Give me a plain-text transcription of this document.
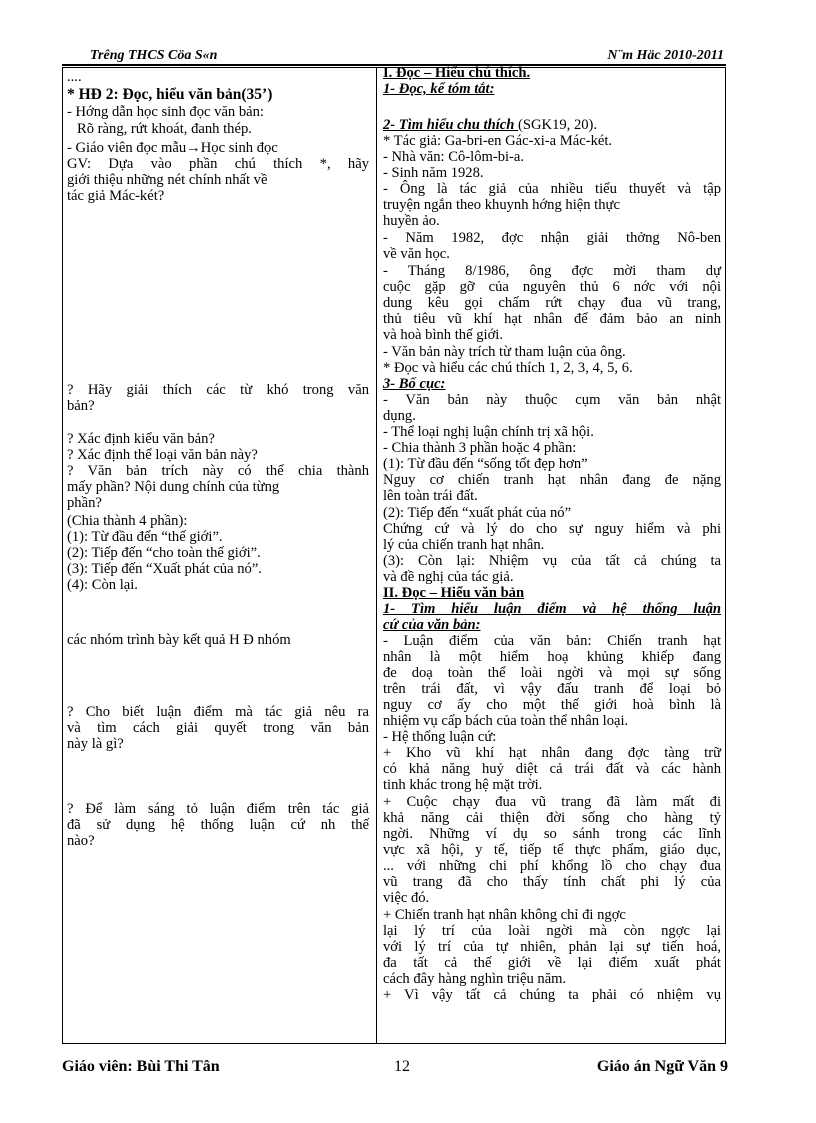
Trêng THCS Cöa S«n	N¨m Häc 2010-2011
....
* HĐ 2: Đọc, hiểu văn bản(35’)
- Hớng dẫn học sinh đọc văn bản:
Rõ ràng, rứt khoát, đanh thép.
- Giáo viên đọc mẫu→Học sinh đọc
GV: Dựa vào phần chú thích *, hãy
giới thiệu những nét chính nhất về
tác giả Mác-két?
? Hãy giải thích các từ khó trong văn
bản?
? Xác định kiểu văn bản?
? Xác định thể loại văn bản này?
? Văn bản trích này có thể chia thành
mấy phần? Nội dung chính của từng
phần?
(Chia thành 4 phần):
(1): Từ đầu đến “thế giới”.
(2): Tiếp đến “cho toàn thế giới”.
(3): Tiếp đến “Xuất phát của nó”.
(4): Còn lại.
các nhóm trình bày kết quả H Đ nhóm
? Cho biết luận điểm mà tác giả nêu ra
và tìm cách giải quyết trong văn bản
này là gì?
? Để làm sáng tỏ luận điểm trên tác giả
đã sử dụng hệ thống luận cứ nh thế
nào?
I. Đọc – Hiểu chú thích.
1- Đọc, kể tóm tắt:
2- Tìm hiểu chu thích (SGK19, 20).
* Tác giả: Ga-bri-en Gác-xi-a Mác-két.
- Nhà văn: Cô-lôm-bi-a.
- Sinh năm 1928.
- Ông là tác giả của nhiều tiểu thuyết và tập
truyện ngắn theo khuynh hớng hiện thực
huyền ảo.
- Năm 1982, đợc nhận giải thởng Nô-ben
về văn học.
- Tháng 8/1986, ông đợc mời tham dự
cuộc gặp gỡ của nguyên thủ 6 nớc với nội
dung kêu gọi chấm rứt chạy đua vũ trang,
thủ tiêu vũ khí hạt nhân để đảm bảo an ninh
và hoà bình thế giới.
- Văn bản này trích từ tham luận của ông.
* Đọc và hiểu các chú thích 1, 2, 3, 4, 5, 6.
3- Bố cục:
- Văn bản này thuộc cụm văn bản nhật
dụng.
- Thể loại nghị luận chính trị xã hội.
- Chia thành 3 phần hoặc 4 phần:
(1): Từ đầu đến “sống tốt đẹp hơn”
Nguy cơ chiến tranh hạt nhân đang đe nặng
lên toàn trái đất.
(2): Tiếp đến “xuất phát của nó”
Chứng cứ và lý do cho sự nguy hiểm và phi
lý của chiến tranh hạt nhân.
(3): Còn lại: Nhiệm vụ của tất cả chúng ta
và đề nghị của tác giả.
II. Đọc – Hiểu văn bản
1- Tìm hiểu luận điểm và hệ thống luận
cứ của văn bản:
- Luận điểm của văn bản: Chiến tranh hạt
nhân là một hiểm hoạ khủng khiếp đang
đe doạ toàn thể loài ngời và mọi sự sống
trên trái đất, vì vậy đấu tranh để loại bỏ
nguy cơ ấy cho một thế giới hoà bình là
nhiệm vụ cấp bách của toàn thể nhân loại.
- Hệ thống luận cứ:
+ Kho vũ khí hạt nhân đang đợc tàng trữ
có khả năng huỷ diệt cả trái đất và các hành
tinh khác trong hệ mặt trời.
+ Cuộc chạy đua vũ trang đã làm mất đi
khả năng cải thiện đời sống cho hàng tỷ
ngời. Những ví dụ so sánh trong các lĩnh
vực xã hội, y tế, tiếp tế thực phẩm, giáo dục,
... với những chi phí khổng lồ cho chạy đua
vũ trang đã cho thấy tính chất phi lý của
việc đó.
+ Chiến tranh hạt nhân không chỉ đi ngợc
lại lý trí của loài ngời mà còn ngợc lại
với lý trí của tự nhiên, phản lại sự tiến hoá,
đa tất cả thế giới về lại điểm xuất phát
cách đây hàng nghìn triệu năm.
+ Vì vậy tất cả chúng ta phải có nhiệm vụ
Giáo viên: Bùi Thi Tân	12	Giáo án Ngữ Văn 9
